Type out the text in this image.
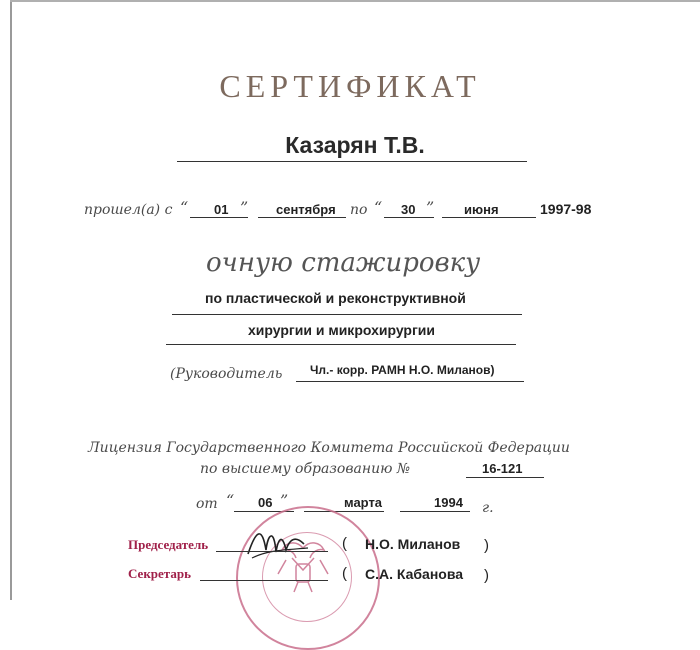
СЕРТИФИКАТ
Казарян Т.В.
прошел(а) с “ 01 ” сентября по “ 30 ” июня	1997-98
очную стажировку
по пластической и реконструктивной
хирургии и микрохирургии
(Руководитель Чл.- корр. РАМН Н.О. Миланов)
Лицензия Государственного Комитета Российской Федерации
по высшему образованию №	16-121
от “ 06 ”	марта	1994 г.
Председатель	( Н.О. Миланов )
Секретарь	( С.А. Кабанова )
